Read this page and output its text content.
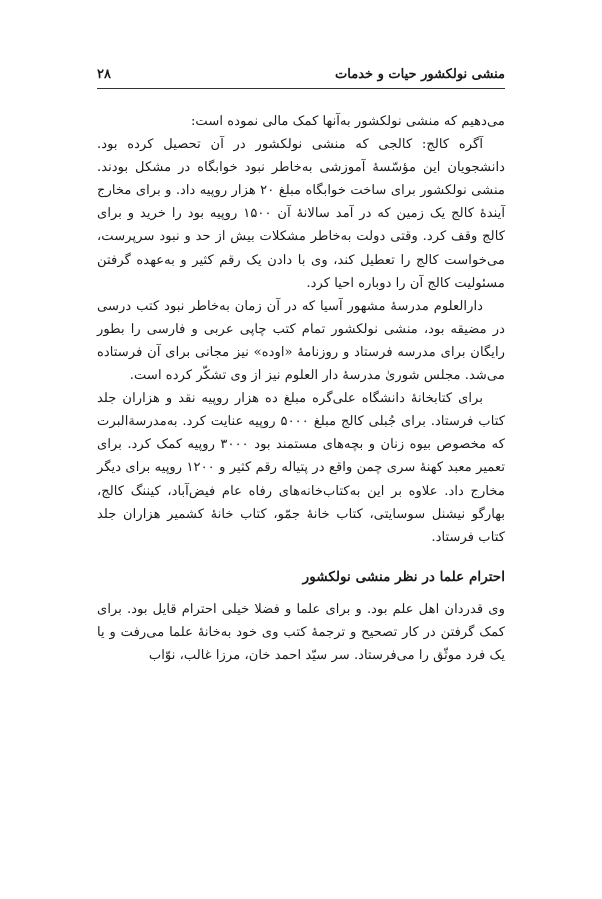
منشی نولکشور حیات و خدمات
۲۸

می‌دهیم که منشی نولکشور به‌آنها کمک مالی نموده است:

آگره کالج: کالجی که منشی نولکشور در آن تحصیل کرده بود. دانشجویان این مؤسّسهٔ آموزشی به‌خاطر نبود خوابگاه در مشکل بودند. منشی نولکشور برای ساخت خوابگاه مبلغ ۲۰ هزار روپیه داد. و برای مخارج آیندهٔ کالج یک زمین که در آمد سالانهٔ آن ۱۵۰۰ روپیه بود را خرید و برای کالج وقف کرد. وقتی دولت به‌خاطر مشکلات بیش از حد و نبود سرپرست، می‌خواست کالج را تعطیل کند، وی با دادن یک رقم کثیر و به‌عهده گرفتن مسئولیت کالج آن را دوباره احیا کرد.

دارالعلوم مدرسهٔ مشهور آسیا که در آن زمان به‌خاطر نبود کتب درسی در مضیقه بود، منشی نولکشور تمام کتب چاپی عربی و فارسی را بطور رایگان برای مدرسه فرستاد و روزنامهٔ «اوده» نیز مجانی برای آن فرستاده می‌شد. مجلس شوریٰ مدرسهٔ دار العلوم نیز از وی تشکّر کرده است.

برای کتابخانهٔ دانشگاه علی‌گره مبلغ ده هزار روپیه نقد و هزاران جلد کتاب فرستاد. برای جُبلی کالج مبلغ ۵۰۰۰ روپیه عنایت کرد. به‌مدرسةالبرت که مخصوص بیوه زنان و بچه‌های مستمند بود ۳۰۰۰ روپیه کمک کرد. برای تعمیر معبد کهنهٔ سری چمن واقع در پتیاله رقم کثیر و ۱۲۰۰ روپیه برای دیگر مخارج داد. علاوه بر این به‌کتاب‌خانه‌های رفاه عام فیض‌آباد، کیننگ کالج، بهارگو نیشنل سوسایتی، کتاب خانهٔ جمّو، کتاب خانهٔ کشمیر هزاران جلد کتاب فرستاد.

احترام علما در نظر منشی نولکشور

وی قدردان اهل علم بود. و برای علما و فضلا خیلی احترام قایل بود. برای کمک گرفتن در کار تصحیح و ترجمهٔ کتب وی خود به‌خانهٔ علما می‌رفت و یا یک فرد موثّق را می‌فرستاد. سر سیّد احمد خان، مرزا غالب، نوّاب
